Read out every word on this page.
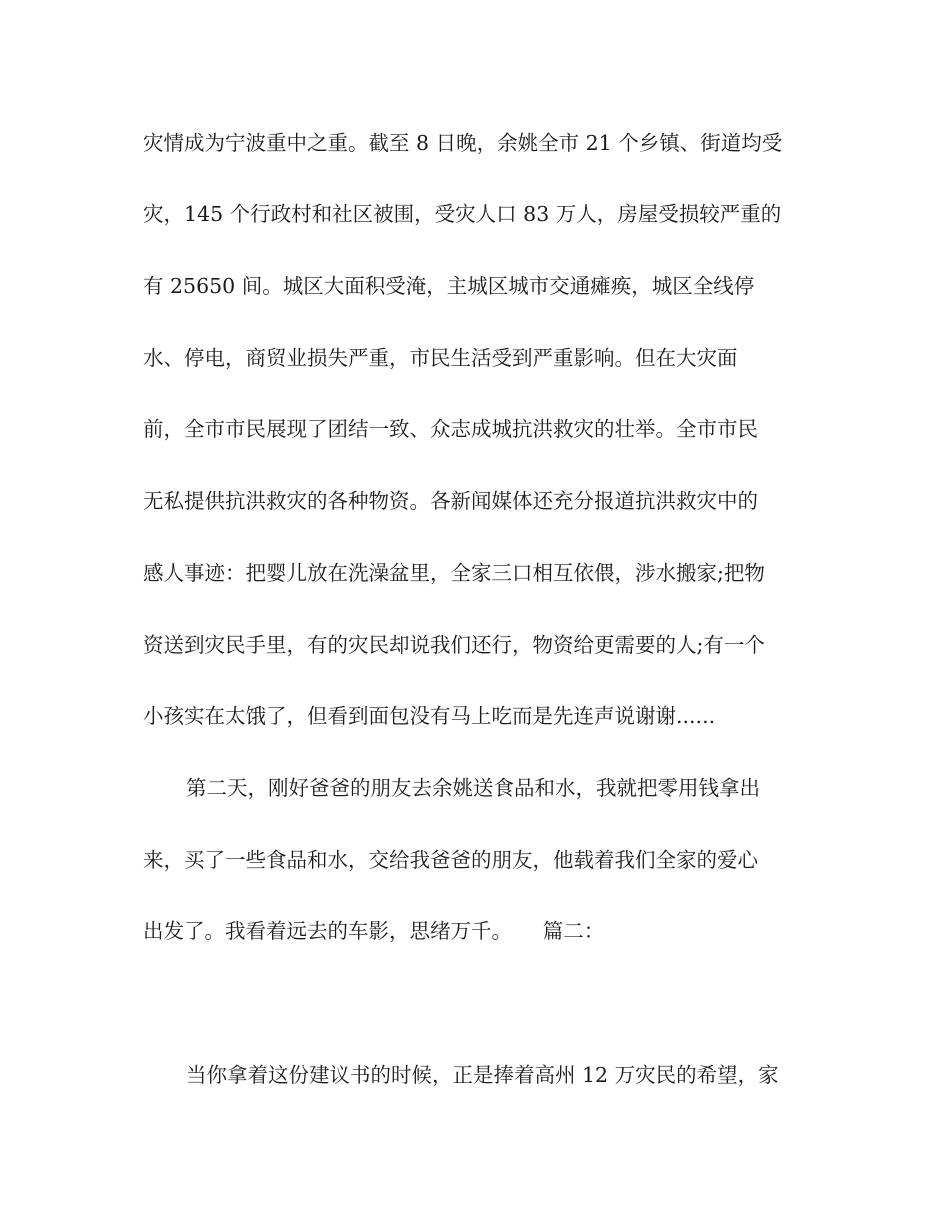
灾情成为宁波重中之重。截至 8 日晚，余姚全市 21 个乡镇、街道均受
灾，145 个行政村和社区被围，受灾人口 83 万人，房屋受损较严重的
有 25650 间。城区大面积受淹，主城区城市交通瘫痪，城区全线停
水、停电，商贸业损失严重，市民生活受到严重影响。但在大灾面
前，全市市民展现了团结一致、众志成城抗洪救灾的壮举。全市市民
无私提供抗洪救灾的各种物资。各新闻媒体还充分报道抗洪救灾中的
感人事迹：把婴儿放在洗澡盆里，全家三口相互依偎，涉水搬家;把物
资送到灾民手里，有的灾民却说我们还行，物资给更需要的人;有一个
小孩实在太饿了，但看到面包没有马上吃而是先连声说谢谢......
第二天，刚好爸爸的朋友去余姚送食品和水，我就把零用钱拿出
来，买了一些食品和水，交给我爸爸的朋友，他载着我们全家的爱心
出发了。我看着远去的车影，思绪万千。　　篇二：
当你拿着这份建议书的时候，正是捧着高州 12 万灾民的希望，家
